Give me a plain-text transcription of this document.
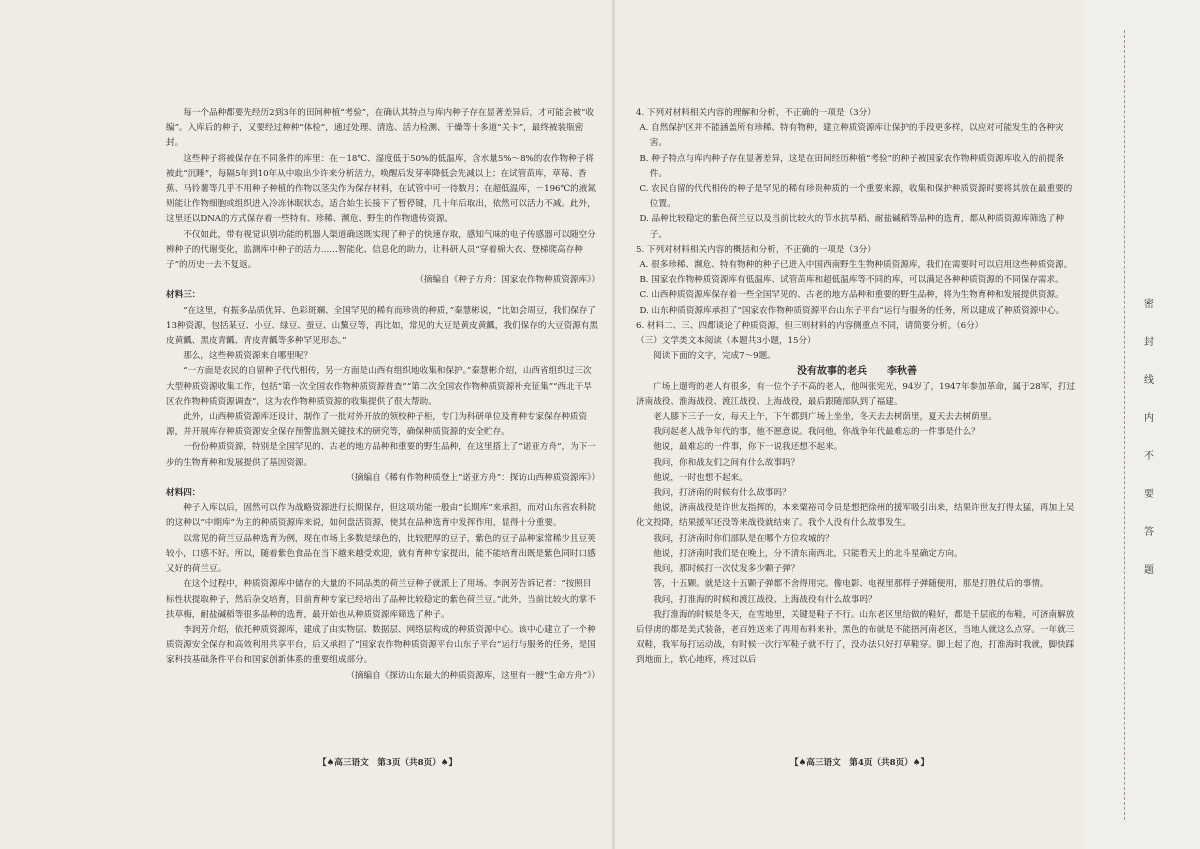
密
封
线
内
不
要
答
题

每一个品种都要先经历2到3年的田间种植“考验”，在确认其特点与库内种子存在显著差异后，才可能会被“收编”。入库后的种子，又要经过种种“体检”，通过处理、清选、活力检测、干燥等十多道“关卡”，最终被装瓶密封。

这些种子将被保存在不同条件的库里：在－18℃、湿度低于50%的低温库，含水量5%～8%的农作物种子将被此“沉睡”，每隔5年到10年从中取出少许来分析活力，唤醒后发芽率降低会先减以上；在试管苗库，草莓、香蕉、马铃薯等几乎不用种子种植的作物以茎尖作为保存材料，在试管中可一待数月；在超低温库，－196℃的液氮则能让作物细胞或组织进入冷冻休眠状态，适合始生长接下了暂停键，几十年后取出，依然可以活力不减。此外，这里还以DNA的方式保存着一些特有、珍稀、濒危、野生的作物遗传资源。

不仅如此，带有视觉识别功能的机器人渠道确送既实现了种子的快速存取，感知气味的电子传感器可以随空分辨种子的代谢变化，监测库中种子的活力……智能化、信息化的助力，让科研人员“穿着棉大衣、登梯爬高存种子”的历史一去不复返。

（摘编自《种子方舟：国家农作物种质资源库》）

材料三：

“在这里，有振多品质优异、色彩斑斓、全国罕见的稀有而珍贵的种质，”秦慧彬说，“比如会周豆，我们保存了13种资源，包括某豆、小豆、绿豆、蚕豆、山黧豆等，再比如，常见的大豆是黄皮黄瓤，我们保存的大豆资源有黑皮黄瓤、黑皮青瓤、青皮青瓤等多种罕见形态。”

那么，这些种质资源来自哪里呢？

“一方面是农民的自留种子代代相传，另一方面是山西有组织地收集和保护。”秦慧彬介绍，山西省组织过三次大型种质资源收集工作，包括“第一次全国农作物种质资源普查”“第二次全国农作物种质资源补充征集”“西北干旱区农作物种质资源调查”，这为农作物种质资源的收集提供了很大帮助。

此外，山西种质资源库还设计，制作了一批对外开放的领校种子柜，专门为科研单位及育种专家保存种质资源，并开展库存种质资源安全保存预警监测关键技术的研究等，确保种质资源的安全贮存。

一份份种质资源，特别是全国罕见的、古老的地方品种和重要的野生品种，在这里搭上了“诺亚方舟”，为下一步的生物育种和发展提供了基因资源。

（摘编自《稀有作物种质登上“诺亚方舟”：探访山西种质资源库》）

材料四：

种子入库以后，固然可以作为战略资源进行长期保存，但这项功能一般由“长期库”来承担，而对山东省农科院的这种以“中期库”为主的种质资源库来说，如何盘活资源，使其在品种选育中发挥作用，显得十分重要。

以常见的荷兰豆品种选育为例，现在市场上多数是绿色的，比较肥厚的豆子，紫色的豆子品种家常稀少且豆荚较小，口感不好。所以，随着紫色食品在当下越来越受欢迎，就有育种专家提出，能不能培育出既是紫色同时口感又好的荷兰豆。

在这个过程中，种质资源库中储存的大量的不同品类的荷兰豆种子就派上了用场。李润芳告诉记者：“按照目标性状提取种子，然后杂交培育，目前育种专家已经培出了品种比较稳定的紫色荷兰豆。”此外，当前比较火的掌不扶草梅，耐盐碱稻等很多品种的选育，最开始也从种质资源库筛选了种子。

李润芳介绍，依托种质资源库，建成了由实物层、数据层、网络层构成的种质资源中心。该中心建立了一个种质资源安全保存和高效利用共享平台，后又承担了“国家农作物种质资源平台山东子平台”运行与服务的任务，是国家科技基础条件平台和国家创新体系的重要组成部分。

（摘编自《探访山东最大的种质资源库，这里有一艘“生命方舟”》）

4. 下列对材料相关内容的理解和分析，不正确的一项是（3分）

A. 自然保护区并不能涵盖所有珍稀、特有物种，建立种质资源库让保护的手段更多样，以应对可能发生的各种灾害。

B. 种子特点与库内种子存在显著差异，这是在田间经历种植“考验”的种子被国家农作物种质资源库收入的前提条件。

C. 农民自留的代代相传的种子是罕见的稀有珍贵种质的一个重要来源，收集和保护种质资源时要将其放在最重要的位置。

D. 品种比较稳定的紫色荷兰豆以及当前比较火的节水抗旱稻、耐盐碱稻等品种的选育，都从种质资源库筛选了种子。

5. 下列对材料相关内容的概括和分析，不正确的一项是（3分）

A. 很多珍稀、濒危、特有物种的种子已进入中国西南野生生物种质资源库，我们在需要时可以启用这些种质资源。

B. 国家农作物种质资源库有低温库、试管苗库和超低温库等不同的库，可以满足各种种质资源的不同保存需求。

C. 山西种质资源库保存着一些全国罕见的、古老的地方品种和重要的野生品种，将为生物育种和发展提供资源。

D. 山东种质资源库承担了“国家农作物种质资源平台山东子平台”运行与服务的任务，所以建成了种质资源中心。

6. 材料二、三、四都谈论了种质资源，但三则材料的内容侧重点不同，请简要分析。（6分）

（三）文学类文本阅读（本题共3小题，15分）

阅读下面的文字，完成7～9题。

没有故事的老兵　　李秋善

广场上遛弯的老人有很多，有一位个子不高的老人，他叫张宪光，94岁了，1947年参加革命，属于28军，打过济南战役、淮海战役、渡江战役、上海战役，最后跟随部队到了福建。

老人膝下三子一女，每天上午，下午都到广场上坐坐，冬天去去树荫里，夏天去去树荫里。

我问起老人战争年代的事，他不愿意说。我问他，你战争年代最难忘的一件事是什么？

他说，最难忘的一件事，你下一说我还想不起来。

我问，你和战友们之间有什么故事吗？

他说，一时也想不起来。

我问，打济南的时候有什么故事吗？

他说，济南战役是许世友指挥的，本来粟裕司令员是想把徐州的援军吸引出来，结果许世友打得太猛，再加上吴化文投降，结果援军还没等来战役就结束了。我个人没有什么故事发生。

我问，打济南时你们部队是在哪个方位攻城的？

他说，打济南时我们是在晚上，分不清东南西北，只能看天上的北斗星确定方向。

我问，那时候打一次仗发多少颗子弹？

答，十五颗。就是这十五颗子弹都不舍得用完。像电影、电视里那样子弹随便用，那是打胜仗后的事情。

我问，打淮海的时候和渡江战役、上海战役有什么故事吗？

我打淮海的时候是冬天，在雪地里，关键是鞋子不行。山东老区里给做的鞋好，都是千层底的布鞋，可济南解放后俘虏的都是美式装备，老百姓送来了再用布料来补，黑色的布就是不能捂河南老区，当地人就这么点穿。一年就三双鞋，我军每打运动战，有时候一次行军鞋子就不行了，没办法只好打草鞋穿。脚上起了泡，打淮海时我就，脚快踩到地面上，软心地疼，疼过以后

【♠高三语文　第3页（共8页）♠】	【♠高三语文　第4页（共8页）♠】
